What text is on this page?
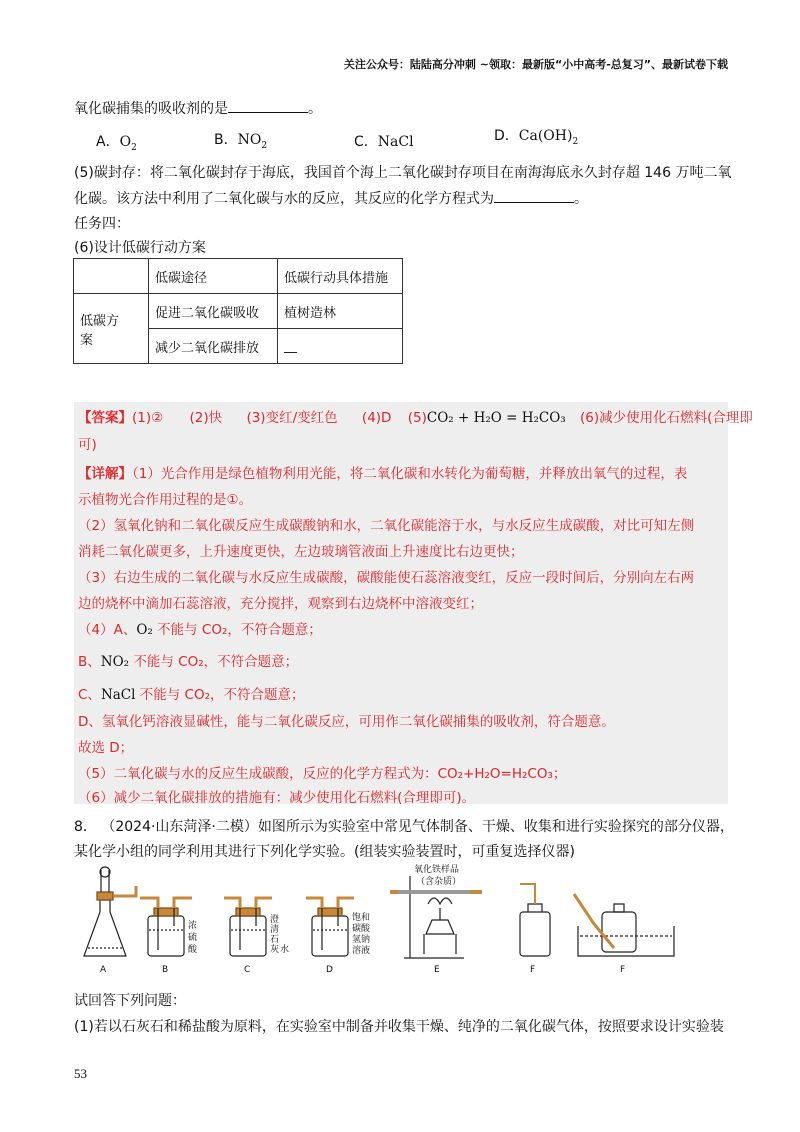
关注公众号：陆陆高分冲刺 ~领取：最新版“小中高考-总复习”、最新试卷下载
氧化碳捕集的吸收剂的是	。
A．$O_2$	B．$NO_2$	C．NaCl	D．$Ca(OH)_2$
(5)碳封存：将二氧化碳封存于海底，我国首个海上二氧化碳封存项目在南海海底永久封存超 146 万吨二氧
化碳。该方法中利用了二氧化碳与水的反应，其反应的化学方程式为	。
任务四：
(6)设计低碳行动方案
	低碳途径	低碳行动具体措施

低碳方
案	促进二氧化碳吸收	植树造林
	减少二氧化碳排放	__
【答案】(1)② (2)快 (3)变红/变红色 (4)D (5)CO₂ + H₂O = H₂CO₃ (6)减少使用化石燃料(合理即
可)
【详解】（1）光合作用是绿色植物利用光能，将二氧化碳和水转化为葡萄糖，并释放出氧气的过程，表
示植物光合作用过程的是①。
（2）氢氧化钠和二氧化碳反应生成碳酸钠和水，二氧化碳能溶于水，与水反应生成碳酸，对比可知左侧
消耗二氧化碳更多，上升速度更快，左边玻璃管液面上升速度比右边更快；
（3）右边生成的二氧化碳与水反应生成碳酸，碳酸能使石蕊溶液变红，反应一段时间后，分别向左右两
边的烧杯中滴加石蕊溶液，充分搅拌，观察到右边烧杯中溶液变红；
（4）A、O₂ 不能与 CO₂，不符合题意；
B、NO₂ 不能与 CO₂，不符合题意；
C、NaCl 不能与 CO₂，不符合题意；
D、氢氧化钙溶液显碱性，能与二氧化碳反应，可用作二氧化碳捕集的吸收剂，符合题意。
故选 D；
（5）二氧化碳与水的反应生成碳酸，反应的化学方程式为：CO₂+H₂O=H₂CO₃；
（6）减少二氧化碳排放的措施有：减少使用化石燃料(合理即可)。
8． （2024·山东菏泽·二模）如图所示为实验室中常见气体制备、干燥、收集和进行实验探究的部分仪器，
某化学小组的同学利用其进行下列化学实验。(组装实验装置时，可重复选择仪器)
A	B	C	D	E	F	F
浓
硫
酸
澄
清
石
灰 水
饱和
碳酸
氢钠
溶液
氧化铁样品
（含杂质）
试回答下列问题：
(1)若以石灰石和稀盐酸为原料，在实验室中制备并收集干燥、纯净的二氧化碳气体，按照要求设计实验装
53
